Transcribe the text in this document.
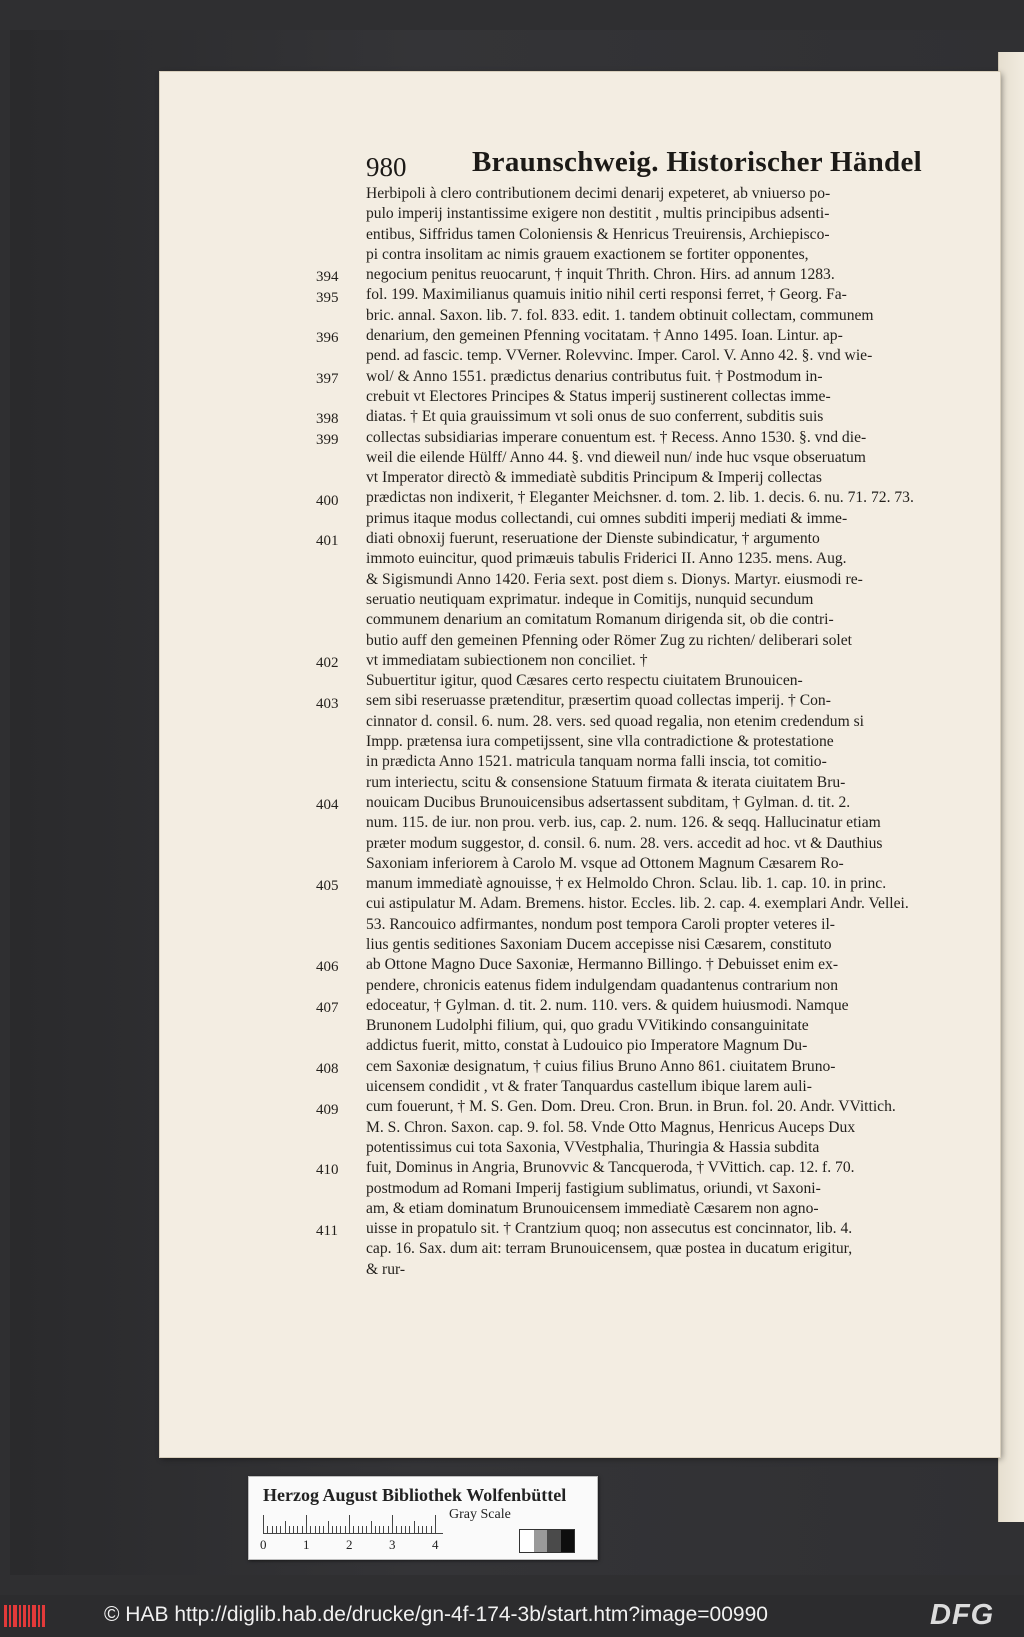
980 Braunschweig. Historischer Händel
394
395
396
397
398
399
400
401
402
403
404
405
406
407
408
409
410
411
Herbipoli à clero contributionem decimi denarij expeteret, ab vniuerso po-
pulo imperij instantissime exigere non destitit , multis principibus adsenti-
entibus, Siffridus tamen Coloniensis & Henricus Treuirensis, Archiepisco-
pi contra insolitam ac nimis grauem exactionem se fortiter opponentes,
negocium penitus reuocarunt, † inquit Thrith. Chron. Hirs. ad annum 1283.
fol. 199. Maximilianus quamuis initio nihil certi responsi ferret, † Georg. Fa-
bric. annal. Saxon. lib. 7. fol. 833. edit. 1. tandem obtinuit collectam, communem
denarium, den gemeinen Pfenning vocitatam. † Anno 1495. Ioan. Lintur. ap-
pend. ad fascic. temp. VVerner. Rolevvinc. Imper. Carol. V. Anno 42. §. vnd wie-
wol/ & Anno 1551. prædictus denarius contributus fuit. † Postmodum in-
crebuit vt Electores Principes & Status imperij sustinerent collectas imme-
diatas. † Et quia grauissimum vt soli onus de suo conferrent, subditis suis
collectas subsidiarias imperare conuentum est. † Recess. Anno 1530. §. vnd die-
weil die eilende Hülff/ Anno 44. §. vnd dieweil nun/ inde huc vsque obseruatum
vt Imperator directò & immediatè subditis Principum & Imperij collectas
prædictas non indixerit, † Eleganter Meichsner. d. tom. 2. lib. 1. decis. 6. nu. 71. 72. 73.
primus itaque modus collectandi, cui omnes subditi imperij mediati & imme-
diati obnoxij fuerunt, reseruatione der Dienste subindicatur, † argumento
immoto euincitur, quod primæuis tabulis Friderici II. Anno 1235. mens. Aug.
& Sigismundi Anno 1420. Feria sext. post diem s. Dionys. Martyr. eiusmodi re-
seruatio neutiquam exprimatur. indeque in Comitijs, nunquid secundum
communem denarium an comitatum Romanum dirigenda sit, ob die contri-
butio auff den gemeinen Pfenning oder Römer Zug zu richten/ deliberari solet
vt immediatam subiectionem non conciliet. †
Subuertitur igitur, quod Cæsares certo respectu ciuitatem Brunouicen-
sem sibi reseruasse prætenditur, præsertim quoad collectas imperij. † Con-
cinnator d. consil. 6. num. 28. vers. sed quoad regalia, non etenim credendum si
Impp. prætensa iura competijssent, sine vlla contradictione & protestatione
in prædicta Anno 1521. matricula tanquam norma falli inscia, tot comitio-
rum interiectu, scitu & consensione Statuum firmata & iterata ciuitatem Bru-
nouicam Ducibus Brunouicensibus adsertassent subditam, † Gylman. d. tit. 2.
num. 115. de iur. non prou. verb. ius, cap. 2. num. 126. & seqq. Hallucinatur etiam
præter modum suggestor, d. consil. 6. num. 28. vers. accedit ad hoc. vt & Dauthius
Saxoniam inferiorem à Carolo M. vsque ad Ottonem Magnum Cæsarem Ro-
manum immediatè agnouisse, † ex Helmoldo Chron. Sclau. lib. 1. cap. 10. in princ.
cui astipulatur M. Adam. Bremens. histor. Eccles. lib. 2. cap. 4. exemplari Andr. Vellei.
53. Rancouico adfirmantes, nondum post tempora Caroli propter veteres il-
lius gentis seditiones Saxoniam Ducem accepisse nisi Cæsarem, constituto
ab Ottone Magno Duce Saxoniæ, Hermanno Billingo. † Debuisset enim ex-
pendere, chronicis eatenus fidem indulgendam quadantenus contrarium non
edoceatur, † Gylman. d. tit. 2. num. 110. vers. & quidem huiusmodi. Namque
Brunonem Ludolphi filium, qui, quo gradu VVitikindo consanguinitate
addictus fuerit, mitto, constat à Ludouico pio Imperatore Magnum Du-
cem Saxoniæ designatum, † cuius filius Bruno Anno 861. ciuitatem Bruno-
uicensem condidit , vt & frater Tanquardus castellum ibique larem auli-
cum fouerunt, † M. S. Gen. Dom. Dreu. Cron. Brun. in Brun. fol. 20. Andr. VVittich.
M. S. Chron. Saxon. cap. 9. fol. 58. Vnde Otto Magnus, Henricus Auceps Dux
potentissimus cui tota Saxonia, VVestphalia, Thuringia & Hassia subdita
fuit, Dominus in Angria, Brunovvic & Tancqueroda, † VVittich. cap. 12. f. 70.
postmodum ad Romani Imperij fastigium sublimatus, oriundi, vt Saxoni-
am, & etiam dominatum Brunouicensem immediatè Cæsarem non agno-
uisse in propatulo sit. † Crantzium quoq; non assecutus est concinnator, lib. 4.
cap. 16. Sax. dum ait: terram Brunouicensem, quæ postea in ducatum erigitur,
& rur-
Herzog August Bibliothek Wolfenbüttel
0	1	2	3	4
Gray Scale
© HAB http://diglib.hab.de/drucke/gn-4f-174-3b/start.htm?image=00990	DFG
